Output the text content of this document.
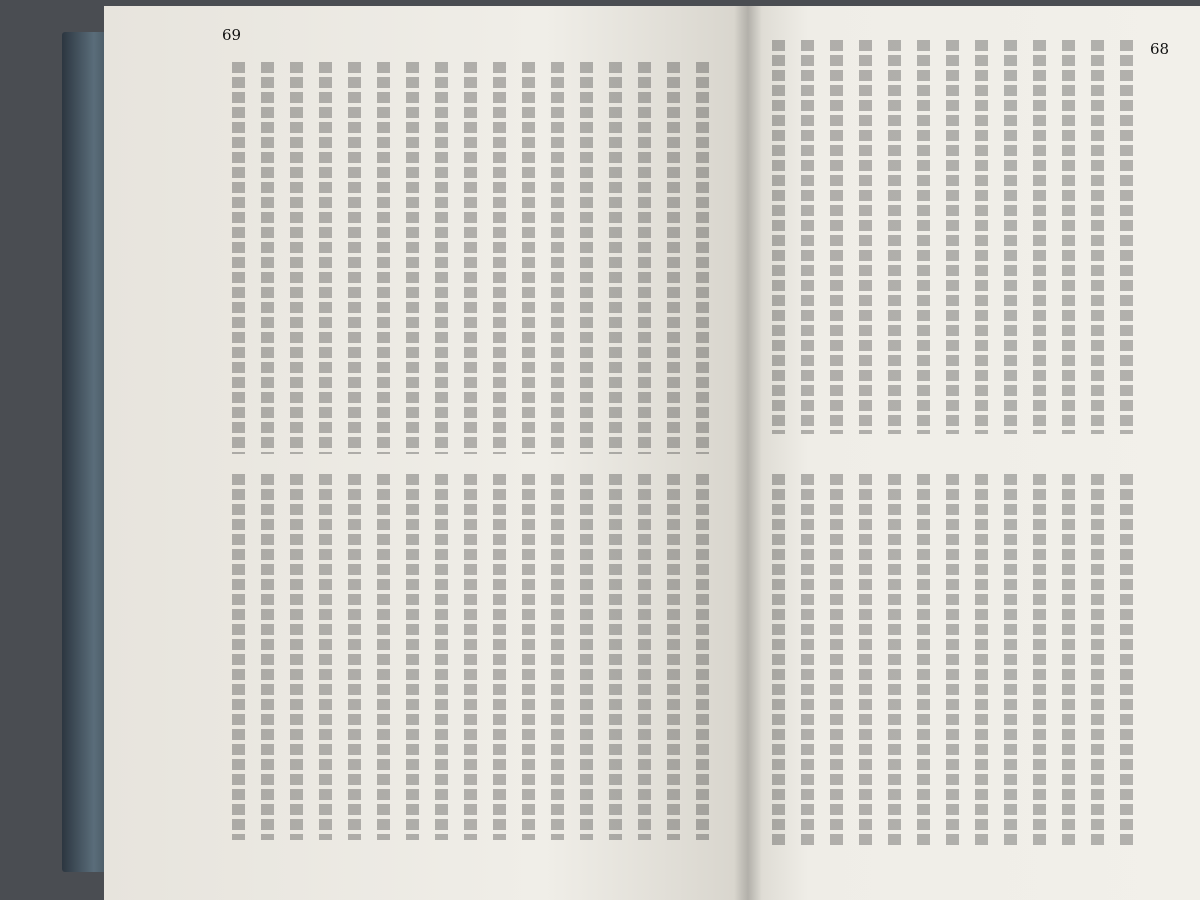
69
68
